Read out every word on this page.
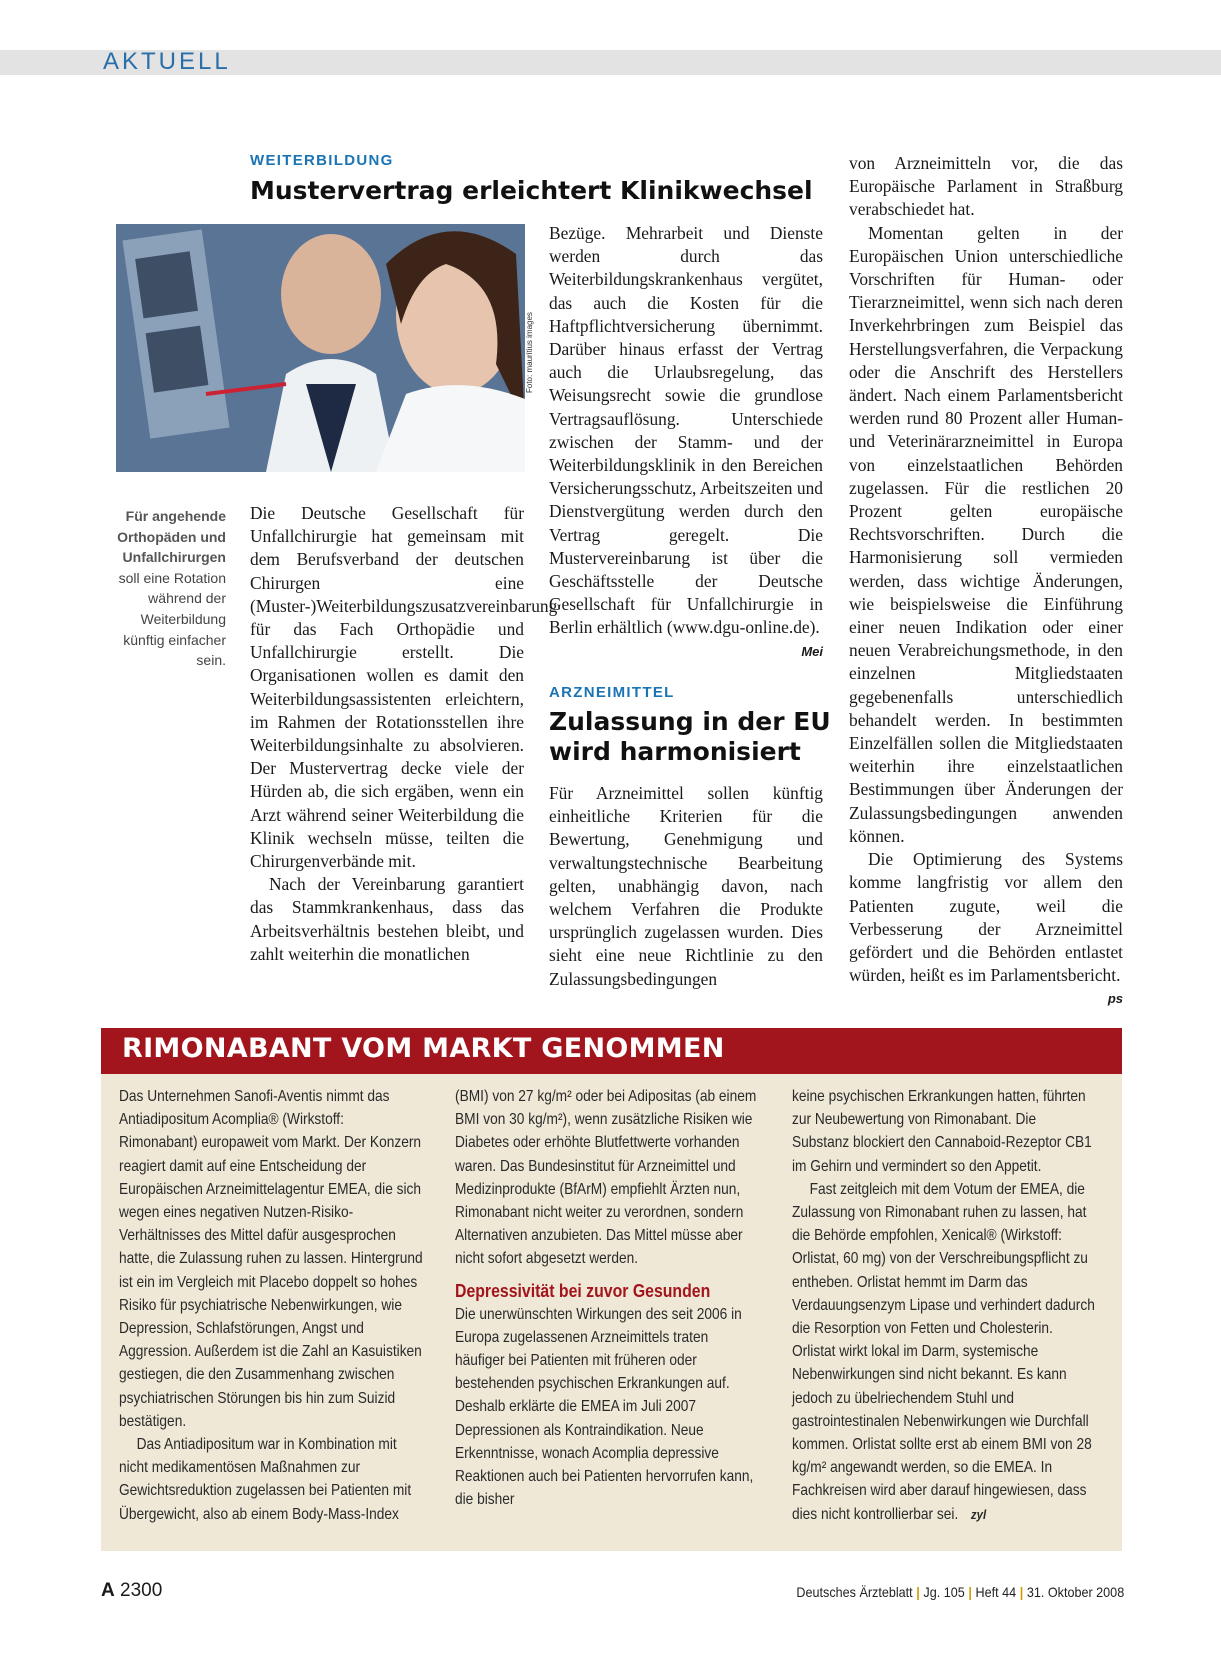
AKTUELL
WEITERBILDUNG
Mustervertrag erleichtert Klinikwechsel
Foto: mauritius images
Für angehende Orthopäden und Unfallchirurgen soll eine Rotation während der Weiterbildung künftig einfacher sein.

Die Deutsche Gesellschaft für Unfallchirurgie hat gemeinsam mit dem Berufsverband der deutschen Chirurgen eine (Muster-)Weiterbildungszusatzvereinbarung für das Fach Orthopädie und Unfallchirurgie erstellt. Die Organisationen wollen es damit den Weiterbildungsassistenten erleichtern, im Rahmen der Rotationsstellen ihre Weiterbildungsinhalte zu absolvieren. Der Mustervertrag decke viele der Hürden ab, die sich ergäben, wenn ein Arzt während seiner Weiterbildung die Klinik wechseln müsse, teilten die Chirurgenverbände mit.

Nach der Vereinbarung garantiert das Stammkrankenhaus, dass das Arbeitsverhältnis bestehen bleibt, und zahlt weiterhin die monatlichen

Bezüge. Mehrarbeit und Dienste werden durch das Weiterbildungskrankenhaus vergütet, das auch die Kosten für die Haftpflichtversicherung übernimmt. Darüber hinaus erfasst der Vertrag auch die Urlaubsregelung, das Weisungsrecht sowie die grundlose Vertragsauflösung. Unterschiede zwischen der Stamm- und der Weiterbildungsklinik in den Bereichen Versicherungsschutz, Arbeitszeiten und Dienstvergütung werden durch den Vertrag geregelt. Die Mustervereinbarung ist über die Geschäftsstelle der Deutsche Gesellschaft für Unfallchirurgie in Berlin erhältlich (www.dgu-online.de).
Mei

ARZNEIMITTEL
Zulassung in der EU
wird harmonisiert

Für Arzneimittel sollen künftig einheitliche Kriterien für die Bewertung, Genehmigung und verwaltungstechnische Bearbeitung gelten, unabhängig davon, nach welchem Verfahren die Produkte ursprünglich zugelassen wurden. Dies sieht eine neue Richtlinie zu den Zulassungsbedingungen

von Arzneimitteln vor, die das Europäische Parlament in Straßburg verabschiedet hat.

Momentan gelten in der Europäischen Union unterschiedliche Vorschriften für Human- oder Tierarzneimittel, wenn sich nach deren Inverkehrbringen zum Beispiel das Herstellungsverfahren, die Verpackung oder die Anschrift des Herstellers ändert. Nach einem Parlamentsbericht werden rund 80 Prozent aller Human- und Veterinärarzneimittel in Europa von einzelstaatlichen Behörden zugelassen. Für die restlichen 20 Prozent gelten europäische Rechtsvorschriften. Durch die Harmonisierung soll vermieden werden, dass wichtige Änderungen, wie beispielsweise die Einführung einer neuen Indikation oder einer neuen Verabreichungsmethode, in den einzelnen Mitgliedstaaten gegebenenfalls unterschiedlich behandelt werden. In bestimmten Einzelfällen sollen die Mitgliedstaaten weiterhin ihre einzelstaatlichen Bestimmungen über Änderungen der Zulassungsbedingungen anwenden können.

Die Optimierung des Systems komme langfristig vor allem den Patienten zugute, weil die Verbesserung der Arzneimittel gefördert und die Behörden entlastet würden, heißt es im Parlamentsbericht.
ps

RIMONABANT VOM MARKT GENOMMEN

Das Unternehmen Sanofi-Aventis nimmt das Antiadipositum Acomplia® (Wirkstoff: Rimonabant) europaweit vom Markt. Der Konzern reagiert damit auf eine Entscheidung der Europäischen Arzneimittelagentur EMEA, die sich wegen eines negativen Nutzen-Risiko-Verhältnisses des Mittel dafür ausgesprochen hatte, die Zulassung ruhen zu lassen. Hintergrund ist ein im Vergleich mit Placebo doppelt so hohes Risiko für psychiatrische Nebenwirkungen, wie Depression, Schlafstörungen, Angst und Aggression. Außerdem ist die Zahl an Kasuistiken gestiegen, die den Zusammenhang zwischen psychiatrischen Störungen bis hin zum Suizid bestätigen.

Das Antiadipositum war in Kombination mit nicht medikamentösen Maßnahmen zur Gewichtsreduktion zugelassen bei Patienten mit Übergewicht, also ab einem Body-Mass-Index

(BMI) von 27 kg/m² oder bei Adipositas (ab einem BMI von 30 kg/m²), wenn zusätzliche Risiken wie Diabetes oder erhöhte Blutfettwerte vorhanden waren. Das Bundesinstitut für Arzneimittel und Medizinprodukte (BfArM) empfiehlt Ärzten nun, Rimonabant nicht weiter zu verordnen, sondern Alternativen anzubieten. Das Mittel müsse aber nicht sofort abgesetzt werden.

Depressivität bei zuvor Gesunden

Die unerwünschten Wirkungen des seit 2006 in Europa zugelassenen Arzneimittels traten häufiger bei Patienten mit früheren oder bestehenden psychischen Erkrankungen auf. Deshalb erklärte die EMEA im Juli 2007 Depressionen als Kontraindikation. Neue Erkenntnisse, wonach Acomplia depressive Reaktionen auch bei Patienten hervorrufen kann, die bisher

keine psychischen Erkrankungen hatten, führten zur Neubewertung von Rimonabant. Die Substanz blockiert den Cannaboid-Rezeptor CB1 im Gehirn und vermindert so den Appetit.

Fast zeitgleich mit dem Votum der EMEA, die Zulassung von Rimonabant ruhen zu lassen, hat die Behörde empfohlen, Xenical® (Wirkstoff: Orlistat, 60 mg) von der Verschreibungspflicht zu entheben. Orlistat hemmt im Darm das Verdauungsenzym Lipase und verhindert dadurch die Resorption von Fetten und Cholesterin. Orlistat wirkt lokal im Darm, systemische Nebenwirkungen sind nicht bekannt. Es kann jedoch zu übelriechendem Stuhl und gastrointestinalen Nebenwirkungen wie Durchfall kommen. Orlistat sollte erst ab einem BMI von 28 kg/m² angewandt werden, so die EMEA. In Fachkreisen wird aber darauf hingewiesen, dass dies nicht kontrollierbar sei. zyl

A 2300	Deutsches Ärzteblatt | Jg. 105 | Heft 44 | 31. Oktober 2008
